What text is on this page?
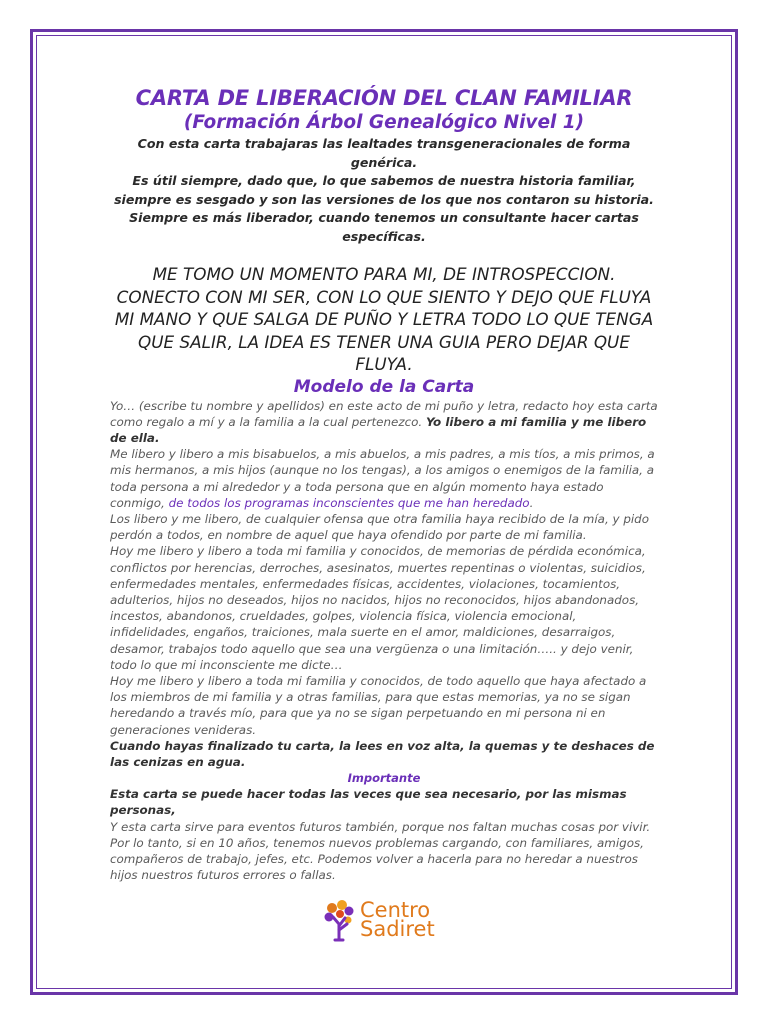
CARTA DE LIBERACIÓN DEL CLAN FAMILIAR
(Formación Árbol Genealógico Nivel 1)

Con esta carta trabajaras las lealtades transgeneracionales de forma genérica.

Es útil siempre, dado que, lo que sabemos de nuestra historia familiar, siempre es sesgado y son las versiones de los que nos contaron su historia.

Siempre es más liberador, cuando tenemos un consultante hacer cartas específicas.

ME TOMO UN MOMENTO PARA MI, DE INTROSPECCION. CONECTO CON MI SER, CON LO QUE SIENTO Y DEJO QUE FLUYA MI MANO Y QUE SALGA DE PUÑO Y LETRA TODO LO QUE TENGA QUE SALIR, LA IDEA ES TENER UNA GUIA PERO DEJAR QUE FLUYA.

Modelo de la Carta

Yo… (escribe tu nombre y apellidos) en este acto de mi puño y letra, redacto hoy esta carta como regalo a mí y a la familia a la cual pertenezco. Yo libero a mi familia y me libero de ella.

Me libero y libero a mis bisabuelos, a mis abuelos, a mis padres, a mis tíos, a mis primos, a mis hermanos, a mis hijos (aunque no los tengas), a los amigos o enemigos de la familia, a toda persona a mi alrededor y a toda persona que en algún momento haya estado conmigo, de todos los programas inconscientes que me han heredado.

Los libero y me libero, de cualquier ofensa que otra familia haya recibido de la mía, y pido perdón a todos, en nombre de aquel que haya ofendido por parte de mi familia.

Hoy me libero y libero a toda mi familia y conocidos, de memorias de pérdida económica, conflictos por herencias, derroches, asesinatos, muertes repentinas o violentas, suicidios, enfermedades mentales, enfermedades físicas, accidentes, violaciones, tocamientos, adulterios, hijos no deseados, hijos no nacidos, hijos no reconocidos, hijos abandonados, incestos, abandonos, crueldades, golpes, violencia física, violencia emocional, infidelidades, engaños, traiciones, mala suerte en el amor, maldiciones, desarraigos, desamor, trabajos todo aquello que sea una vergüenza o una limitación….. y dejo venir, todo lo que mi inconsciente me dicte…

Hoy me libero y libero a toda mi familia y conocidos, de todo aquello que haya afectado a los miembros de mi familia y a otras familias, para que estas memorias, ya no se sigan heredando a través mío, para que ya no se sigan perpetuando en mi persona ni en generaciones venideras.

Cuando hayas finalizado tu carta, la lees en voz alta, la quemas y te deshaces de las cenizas en agua.

Importante

Esta carta se puede hacer todas las veces que sea necesario, por las mismas personas,

Y esta carta sirve para eventos futuros también, porque nos faltan muchas cosas por vivir. Por lo tanto, si en 10 años, tenemos nuevos problemas cargando, con familiares, amigos, compañeros de trabajo, jefes, etc. Podemos volver a hacerla para no heredar a nuestros hijos nuestros futuros errores o fallas.

Centro
Sadiret
